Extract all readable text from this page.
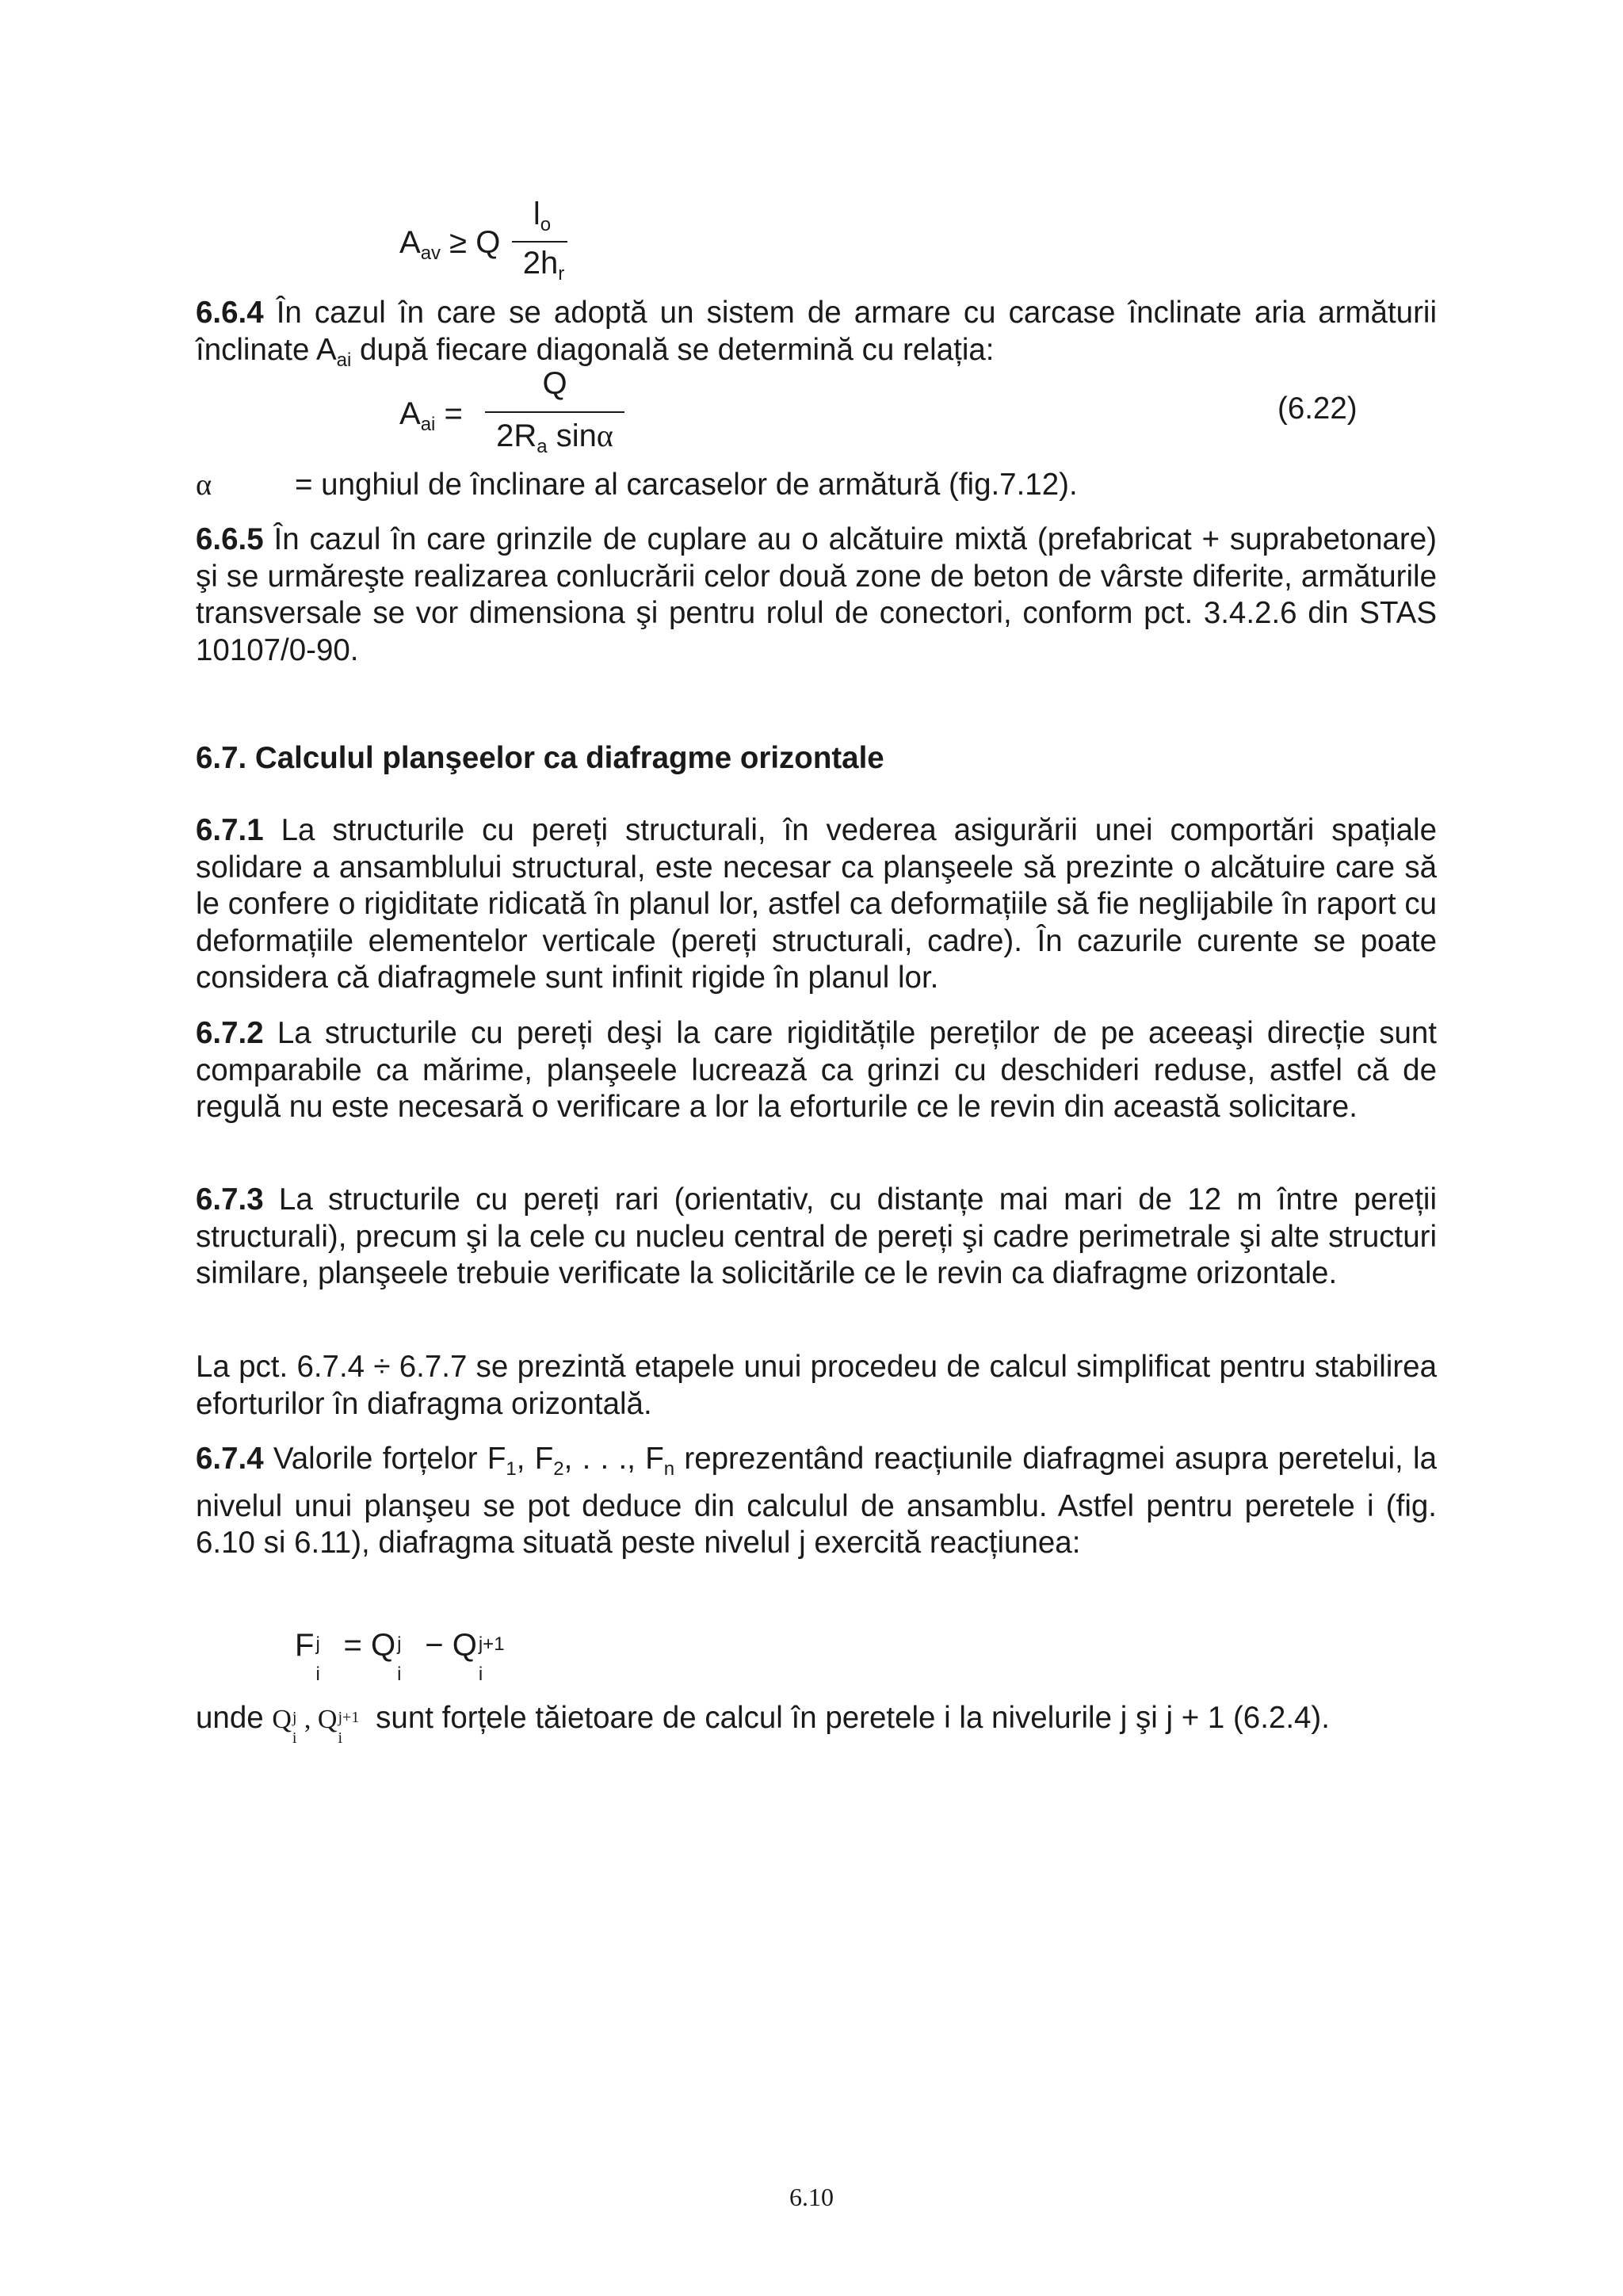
$A_{av} \ge Q$
$l_o$
$2h_r$

6.6.4 În cazul în care se adoptă un sistem de armare cu carcase înclinate aria armăturii înclinate $A_{ai}$ după fiecare diagonală se determină cu relația:

$A_{ai}$ =
Q
$2R_a$ sinα
(6.22)
α	= unghiul de înclinare al carcaselor de armătură (fig.7.12).

6.6.5 În cazul în care grinzile de cuplare au o alcătuire mixtă (prefabricat + suprabetonare) şi se urmăreşte realizarea conlucrării celor două zone de beton de vârste diferite, armăturile transversale se vor dimensiona şi pentru rolul de conectori, conform pct. 3.4.2.6 din STAS 10107/0-90.

6.7. Calculul planşeelor ca diafragme orizontale

6.7.1 La structurile cu pereți structurali, în vederea asigurării unei comportări spațiale solidare a ansamblului structural, este necesar ca planşeele să prezinte o alcătuire care să le confere o rigiditate ridicată în planul lor, astfel ca deformațiile să fie neglijabile în raport cu deformațiile elementelor verticale (pereți structurali, cadre). În cazurile curente se poate considera că diafragmele sunt infinit rigide în planul lor.

6.7.2 La structurile cu pereți deşi la care rigiditățile pereților de pe aceeaşi direcție sunt comparabile ca mărime, planşeele lucrează ca grinzi cu deschideri reduse, astfel că de regulă nu este necesară o verificare a lor la eforturile ce le revin din această solicitare.

6.7.3 La structurile cu pereți rari (orientativ, cu distanțe mai mari de 12 m între pereții structurali), precum şi la cele cu nucleu central de pereți şi cadre perimetrale şi alte structuri similare, planşeele trebuie verificate la solicitările ce le revin ca diafragme orizontale.

La pct. 6.7.4 ÷ 6.7.7 se prezintă etapele unui procedeu de calcul simplificat pentru stabilirea eforturilor în diafragma orizontală.

6.7.4 Valorile forțelor $F_1$, $F_2$, . . ., $F_n$ reprezentând reacțiunile diafragmei asupra peretelui, la nivelul unui planşeu se pot deduce din calculul de ansamblu. Astfel pentru peretele i (fig. 6.10 si 6.11), diafragma situată peste nivelul j exercită reacțiunea:

F j
i
= Q j
i
− Q j+1
i
unde Q j
i
, Q j+1
i
sunt forțele tăietoare de calcul în peretele i la nivelurile j şi j + 1 (6.2.4).
6.10
